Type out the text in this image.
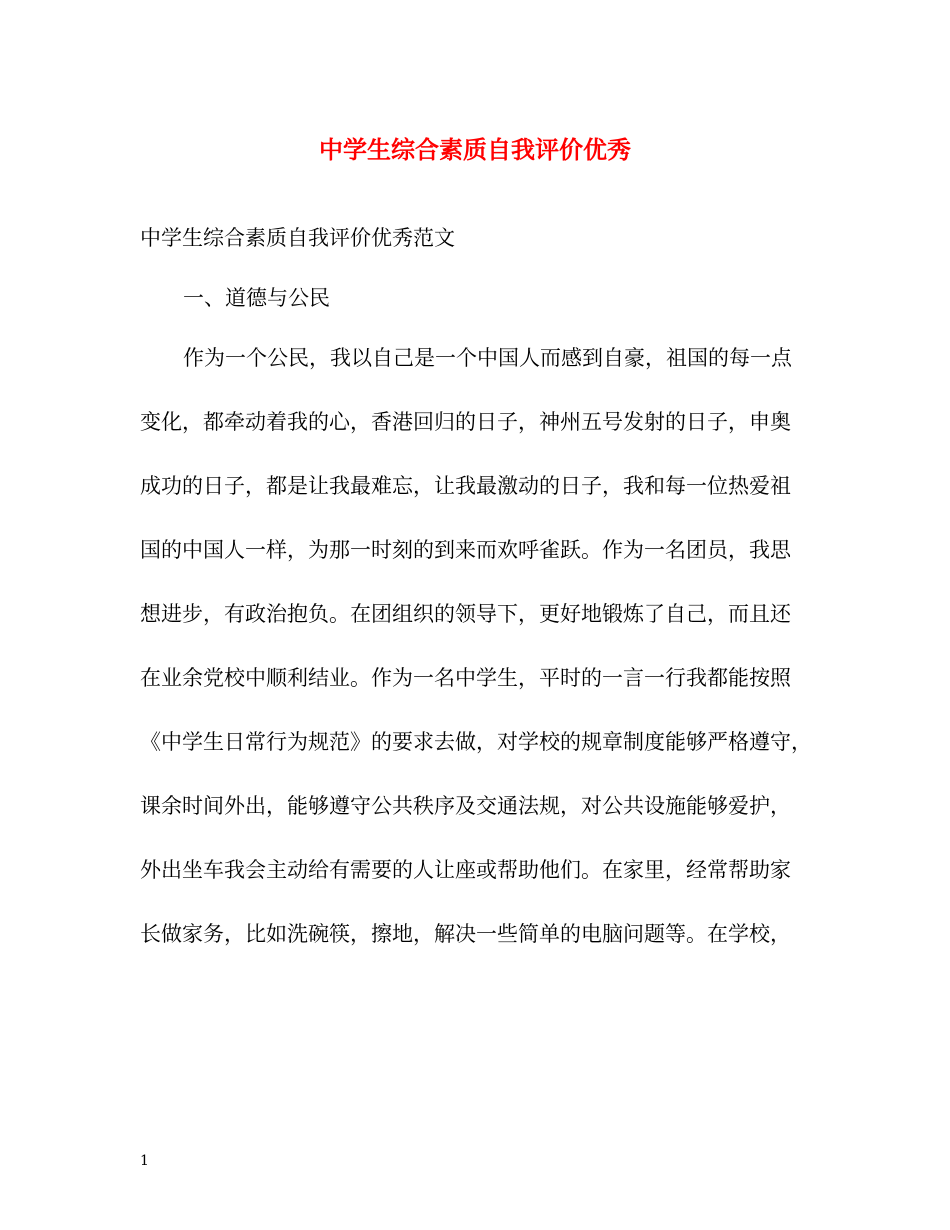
中学生综合素质自我评价优秀

中学生综合素质自我评价优秀范文

一、道德与公民

作为一个公民，我以自己是一个中国人而感到自豪，祖国的每一点
变化，都牵动着我的心，香港回归的日子，神州五号发射的日子，申奥
成功的日子，都是让我最难忘，让我最激动的日子，我和每一位热爱祖
国的中国人一样，为那一时刻的到来而欢呼雀跃。作为一名团员，我思
想进步，有政治抱负。在团组织的领导下，更好地锻炼了自己，而且还
在业余党校中顺利结业。作为一名中学生，平时的一言一行我都能按照
《中学生日常行为规范》的要求去做，对学校的规章制度能够严格遵守，
课余时间外出，能够遵守公共秩序及交通法规，对公共设施能够爱护，
外出坐车我会主动给有需要的人让座或帮助他们。在家里，经常帮助家
长做家务，比如洗碗筷，擦地，解决一些简单的电脑问题等。在学校，

1
